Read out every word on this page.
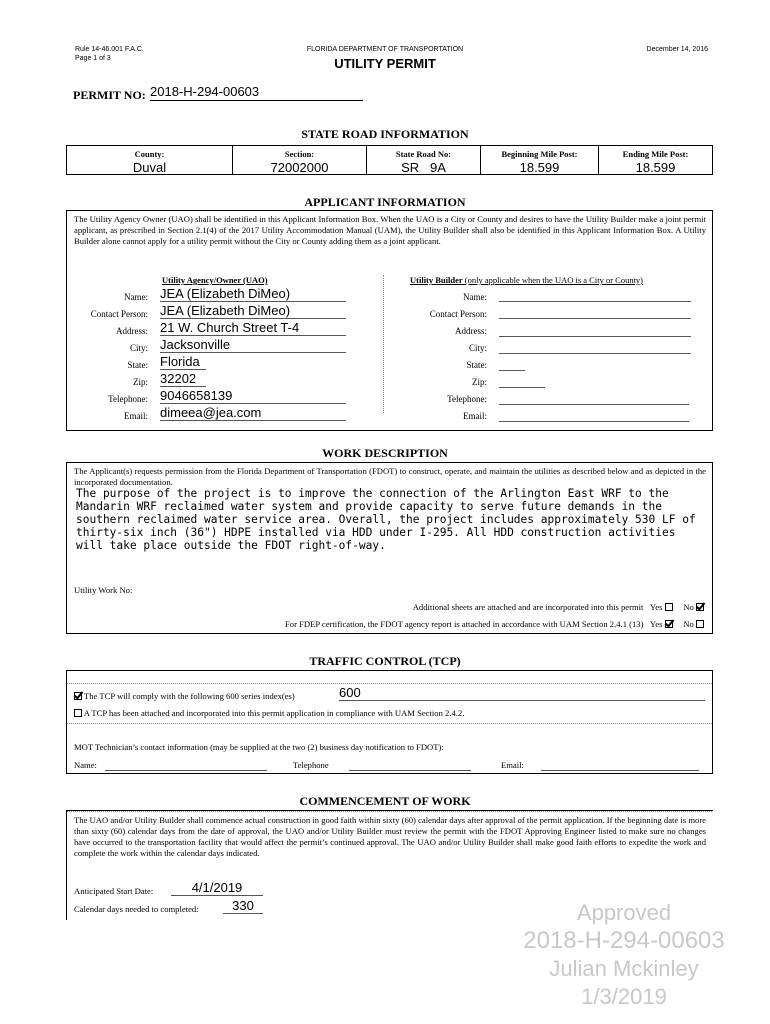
Rule 14-46.001 F.A.C.
Page 1 of 3
FLORIDA DEPARTMENT OF TRANSPORTATION
UTILITY PERMIT
December 14, 2016
PERMIT NO: 2018-H-294-00603
STATE ROAD INFORMATION
County:
Duval
Section:
72002000
State Road No:
SR   9A
Beginning Mile Post:
18.599
Ending Mile Post:
18.599
APPLICANT INFORMATION
The Utility Agency Owner (UAO) shall be identified in this Applicant Information Box. When the UAO is a City or County and desires to have the Utility Builder make a joint permit applicant, as prescribed in Section 2.1(4) of the 2017 Utility Accommodation Manual (UAM), the Utility Builder shall also be identified in this Applicant Information Box. A Utility Builder alone cannot apply for a utility permit without the City or County adding them as a joint applicant.
Utility Agency/Owner (UAO)	Utility Builder (only applicable when the UAO is a City or County)
Name: JEA (Elizabeth DiMeo)	Name:
Contact Person: JEA (Elizabeth DiMeo)	Contact Person:
Address: 21 W. Church Street T-4	Address:
City: Jacksonville	City:
State: Florida	State:
Zip: 32202	Zip:
Telephone: 9046658139	Telephone:
Email: dimeea@jea.com	Email:
WORK DESCRIPTION
The Applicant(s) requests permission from the Florida Department of Transportation (FDOT) to construct, operate, and maintain the utilities as described below and as depicted in the incorporated documentation.
The purpose of the project is to improve the connection of the Arlington East WRF to the Mandarin WRF reclaimed water system and provide capacity to serve future demands in the southern reclaimed water service area. Overall, the project includes approximately 530 LF of thirty-six inch (36") HDPE installed via HDD under I-295. All HDD construction activities will take place outside the FDOT right-of-way.
Utility Work No:
Additional sheets are attached and are incorporated into this permit Yes No
For FDEP certification, the FDOT agency report is attached in accordance with UAM Section 2.4.1 (13) Yes No
TRAFFIC CONTROL (TCP)
The TCP will comply with the following 600 series index(es)	600
A TCP has been attached and incorporated into this permit application in compliance with UAM Section 2.4.2.
MOT Technician’s contact information (may be supplied at the two (2) business day notification to FDOT):
Name:	Telephone	Email:
COMMENCEMENT OF WORK
The UAO and/or Utility Builder shall commence actual construction in good faith within sixty (60) calendar days after approval of the permit application. If the beginning date is more than sixty (60) calendar days from the date of approval, the UAO and/or Utility Builder must review the permit with the FDOT Approving Engineer listed to make sure no changes have occurred to the transportation facility that would affect the permit’s continued approval. The UAO and/or Utility Builder shall make good faith efforts to expedite the work and complete the work within the calendar days indicated.
Anticipated Start Date:	4/1/2019
Calendar days needed to completed:	330	Approved
2018-H-294-00603
Julian Mckinley
1/3/2019
